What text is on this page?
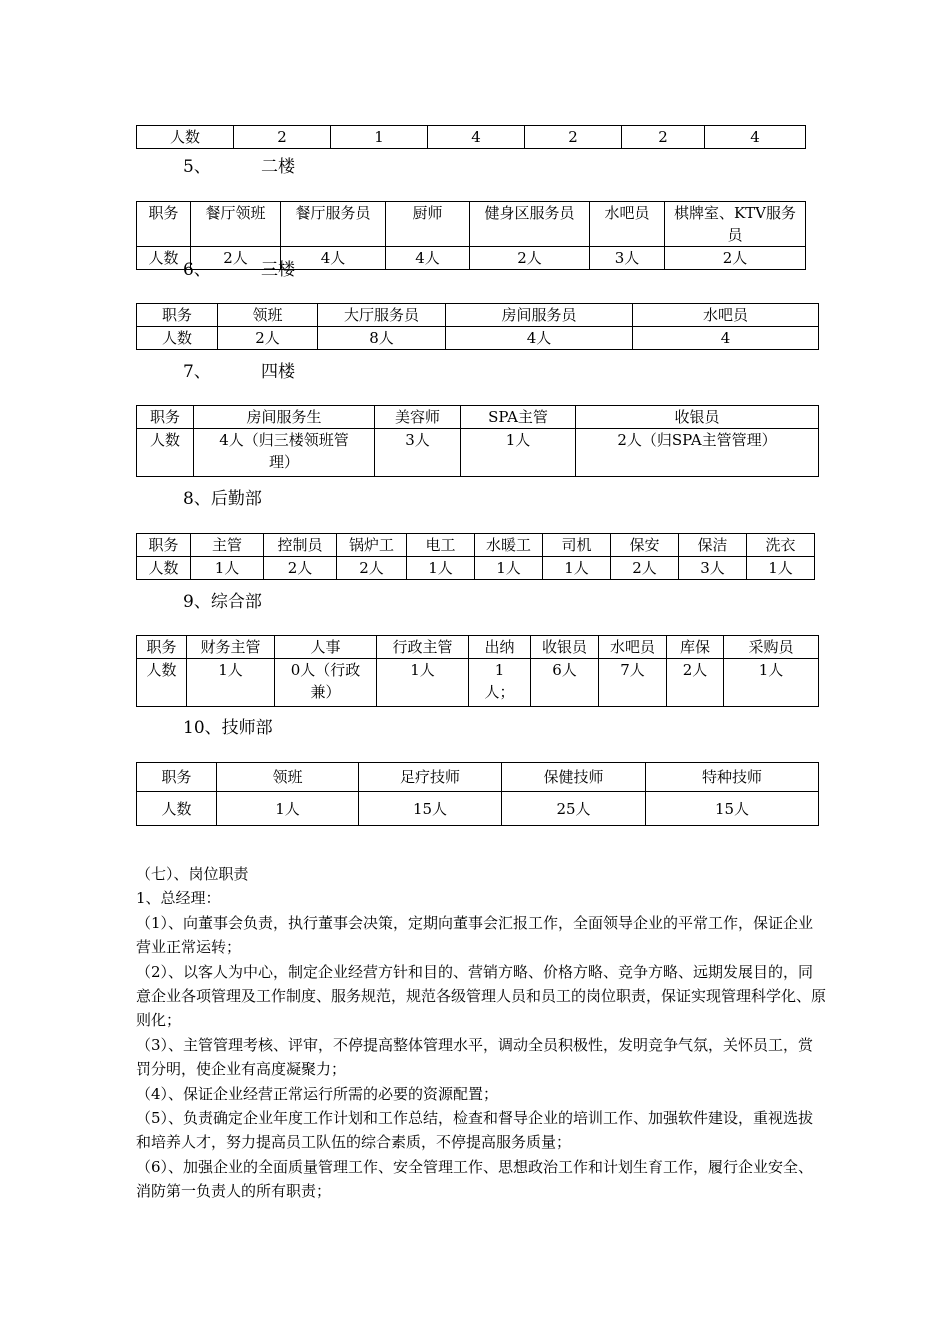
人数	2	1	4	2	2	4
5、	二楼
职务	餐厅领班	餐厅服务员	厨师	健身区服务员	水吧员	棋牌室、KTV服务员
人数	2人	4人	4人	2人	3人	2人
6、	三楼
职务	领班	大厅服务员	房间服务员	水吧员
人数	2人	8人	4人	4
7、	四楼
职务	房间服务生	美容师	SPA主管	收银员
人数	4人（归三楼领班管理）	3人	1人	2人（归SPA主管管理）
8、后勤部
职务	主管	控制员	锅炉工	电工	水暖工	司机	保安	保洁	洗衣
人数	1人	2人	2人	1人	1人	1人	2人	3人	1人
9、综合部
职务	财务主管	人事	行政主管	出纳	收银员	水吧员	库保	采购员
人数	1人	0人（行政兼）	1人	1人；	6人	7人	2人	1人
10、技师部
职务	领班	足疗技师	保健技师	特种技师
人数	1人	15人	25人	15人

（七）、岗位职责

1、总经理：

（1）、向董事会负责，执行董事会决策，定期向董事会汇报工作，全面领导企业的平常工作，保证企业营业正常运转；

（2）、以客人为中心，制定企业经营方针和目的、营销方略、价格方略、竞争方略、远期发展目的，同意企业各项管理及工作制度、服务规范，规范各级管理人员和员工的岗位职责，保证实现管理科学化、原则化；

（3）、主管管理考核、评审，不停提高整体管理水平，调动全员积极性，发明竞争气氛，关怀员工，赏罚分明，使企业有高度凝聚力；

（4）、保证企业经营正常运行所需的必要的资源配置；

（5）、负责确定企业年度工作计划和工作总结，检查和督导企业的培训工作、加强软件建设，重视选拔和培养人才，努力提高员工队伍的综合素质，不停提高服务质量；

（6）、加强企业的全面质量管理工作、安全管理工作、思想政治工作和计划生育工作，履行企业安全、消防第一负责人的所有职责；
